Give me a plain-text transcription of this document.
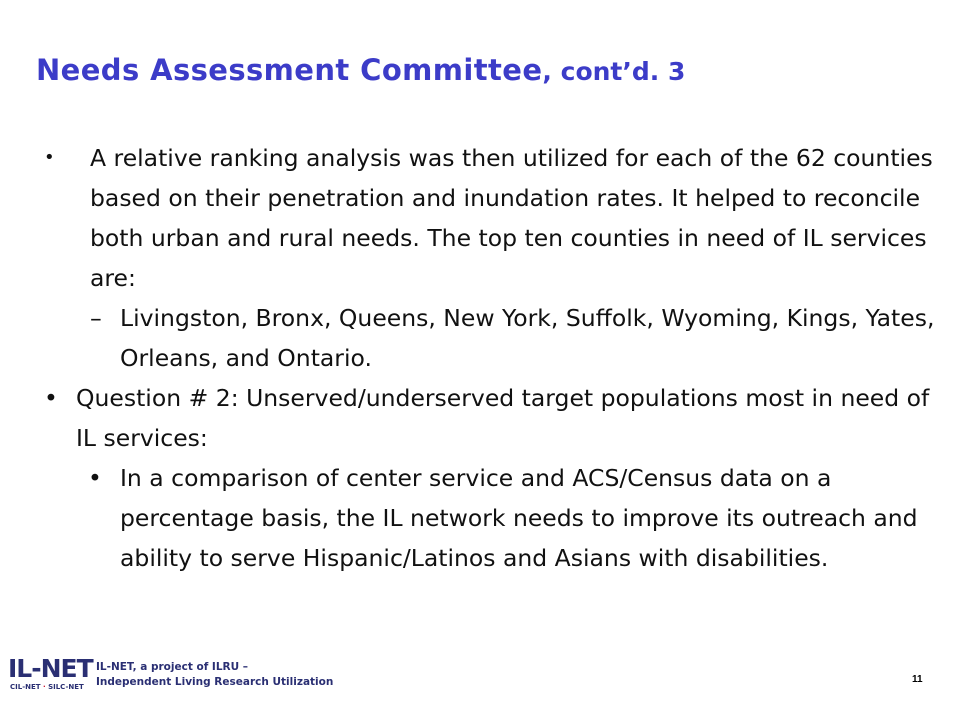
Needs Assessment Committee, cont’d. 3
• A relative ranking analysis was then utilized for each of the 62 counties based on their penetration and inundation rates. It helped to reconcile both urban and rural needs. The top ten counties in need of IL services are:
– Livingston, Bronx, Queens, New York, Suffolk, Wyoming, Kings, Yates, Orleans, and Ontario.
• Question # 2: Unserved/underserved target populations most in need of IL services:
• In a comparison of center service and ACS/Census data on a percentage basis, the IL network needs to improve its outreach and ability to serve Hispanic/Latinos and Asians with disabilities.
IL-NET
CIL-NET · SILC-NET
IL-NET, a project of ILRU –
Independent Living Research Utilization	11
